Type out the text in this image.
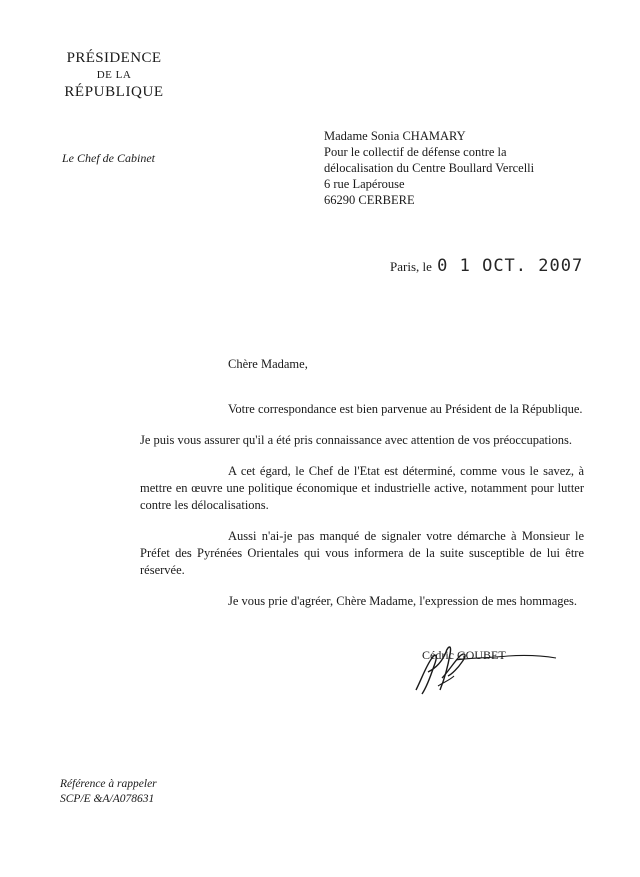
PRÉSIDENCE
DE LA
RÉPUBLIQUE
Le Chef de Cabinet
Madame Sonia CHAMARY
Pour le collectif de défense contre la
délocalisation du Centre Boullard Vercelli
6 rue Lapérouse
66290 CERBERE
Paris, le 0 1 OCT. 2007
Chère Madame,

Votre correspondance est bien parvenue au Président de la République.

Je puis vous assurer qu'il a été pris connaissance avec attention de vos préoccupations.

A cet égard, le Chef de l'Etat est déterminé, comme vous le savez, à mettre en œuvre une politique économique et industrielle active, notamment pour lutter contre les délocalisations.

Aussi n'ai-je pas manqué de signaler votre démarche à Monsieur le Préfet des Pyrénées Orientales qui vous informera de la suite susceptible de lui être réservée.

Je vous prie d'agréer, Chère Madame, l'expression de mes hommages.
Cédric GOUBET
Référence à rappeler
SCP/E &A/A078631
